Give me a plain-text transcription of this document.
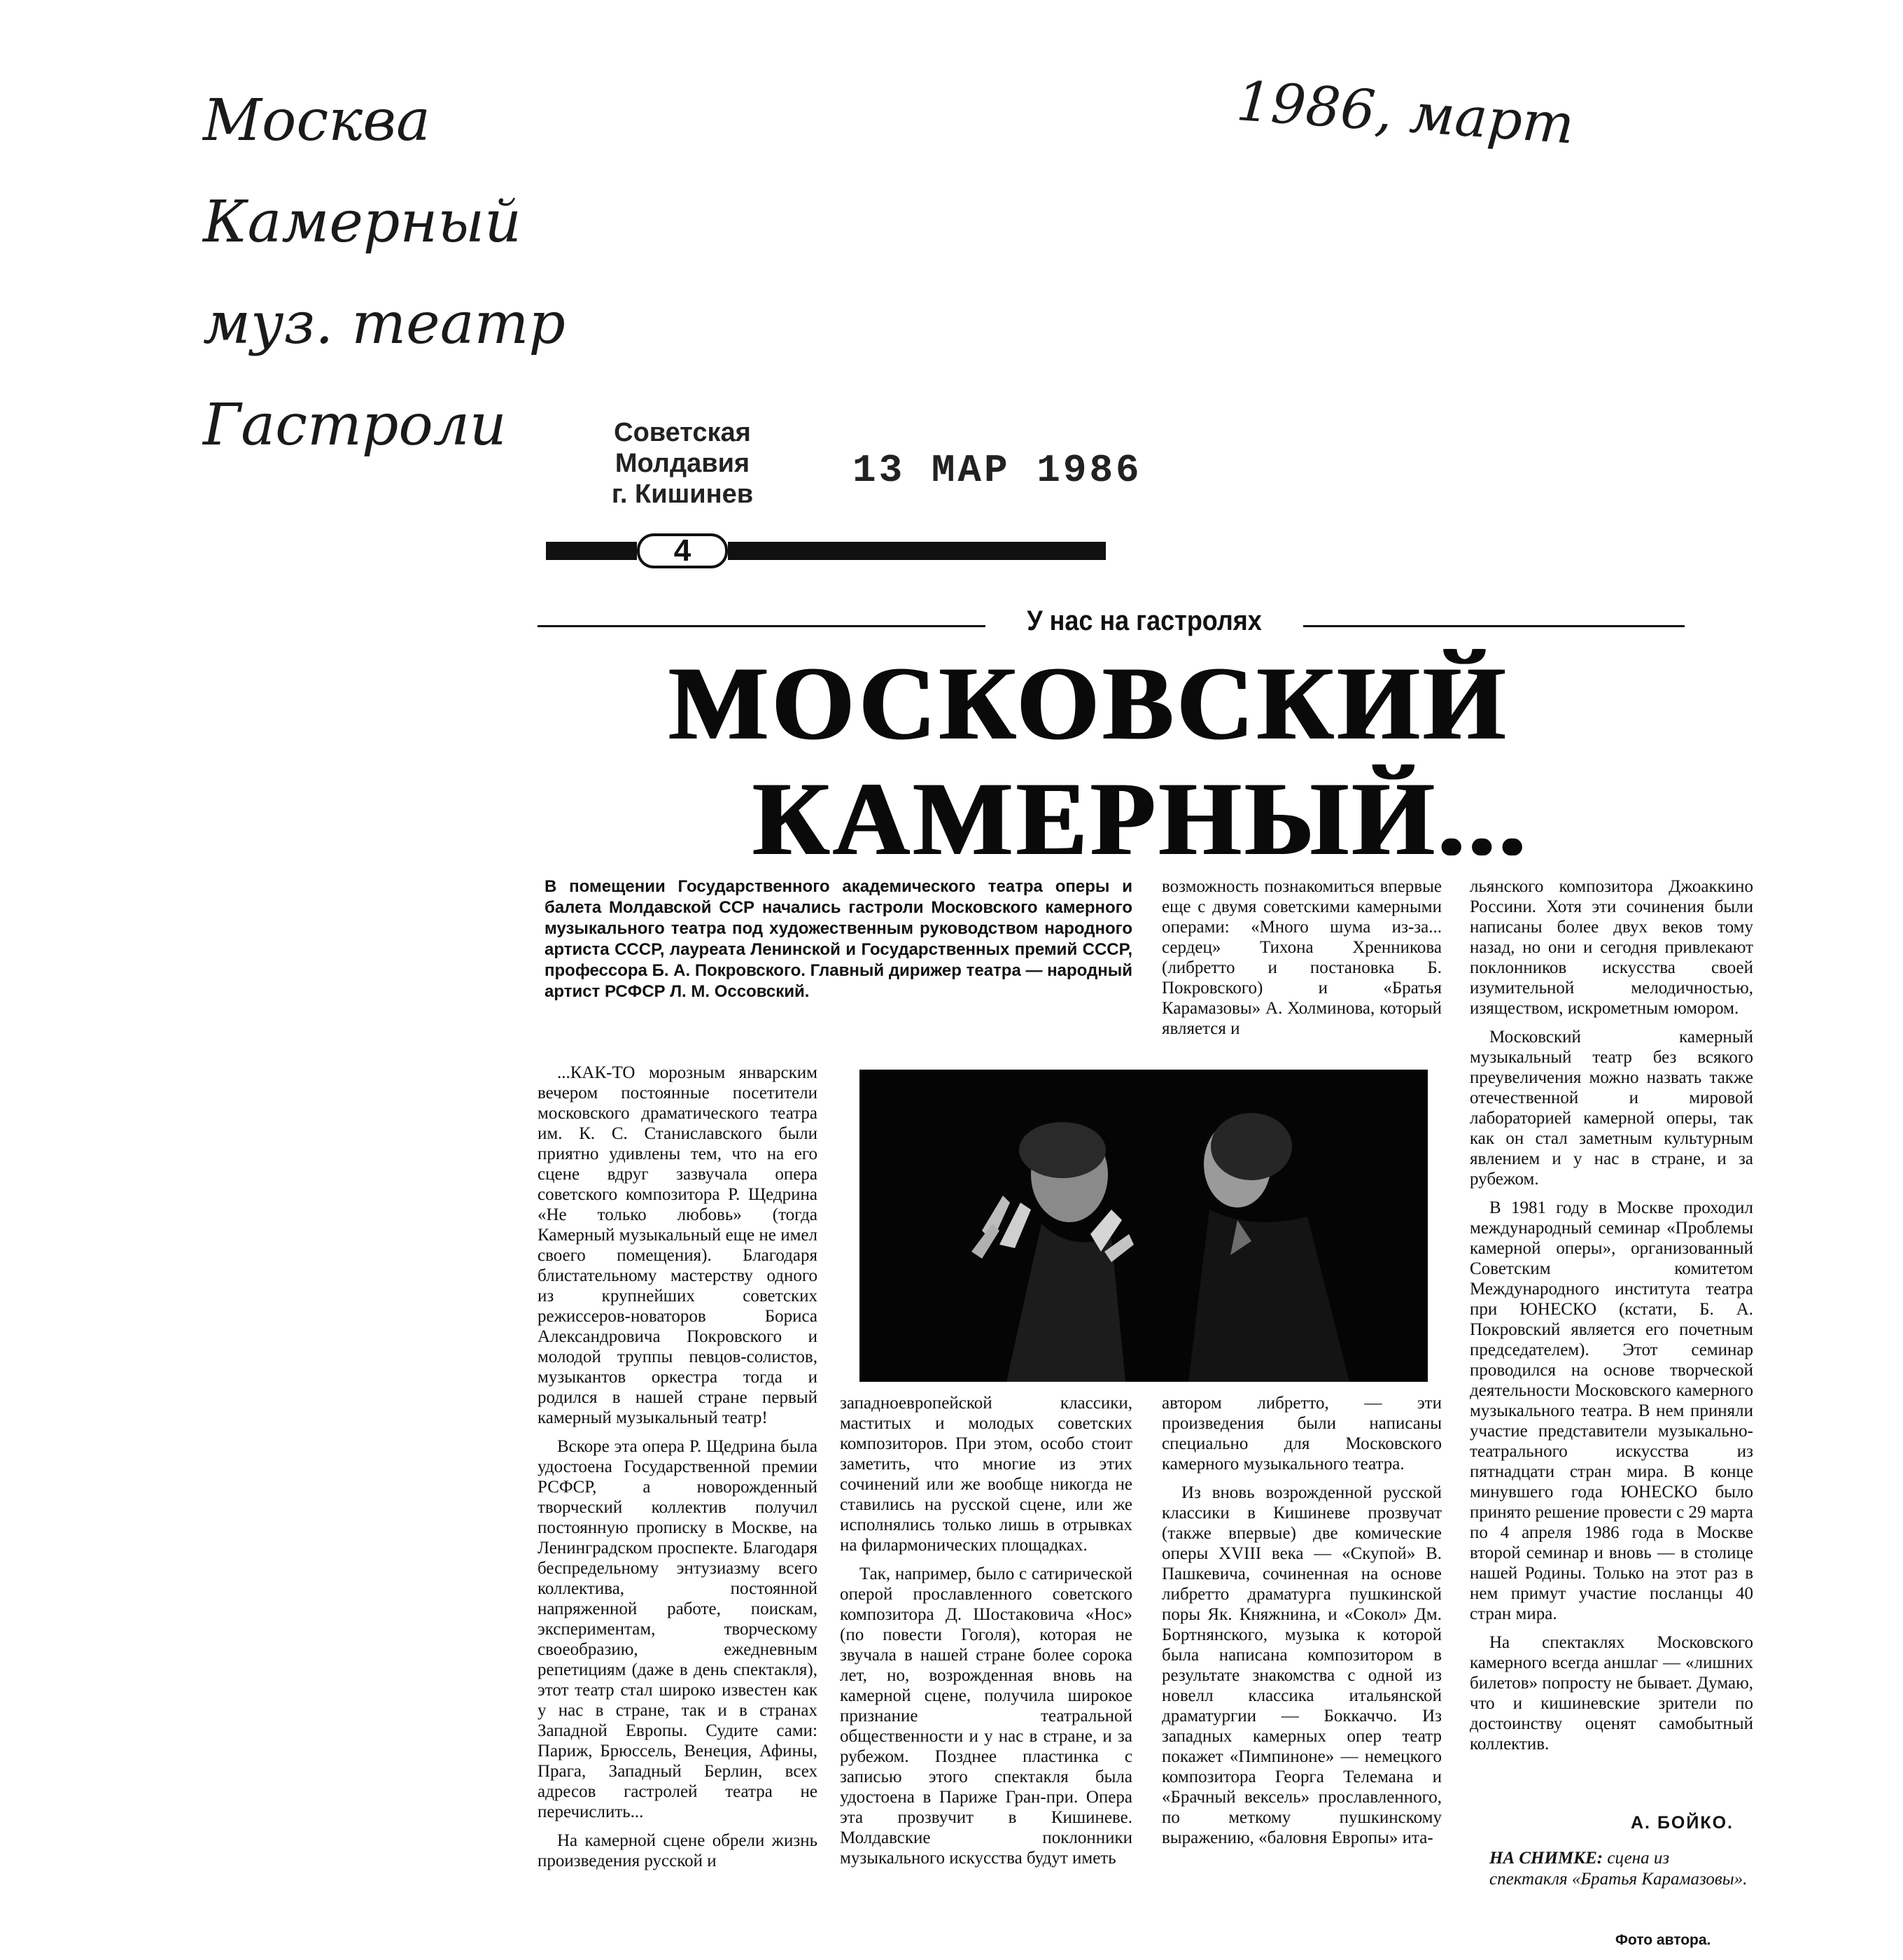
Москва
Камерный
муз. театр
Гастроли
1986, март
Советская Молдавия
г. Кишинев
13 МАР 1986
4
У нас на гастролях
МОСКОВСКИЙ
КАМЕРНЫЙ...
В помещении Государственного академического театра оперы и балета Молдавской ССР начались гастроли Московского камерного музыкального театра под художественным руководством народного артиста СССР, лауреата Ленинской и Государственных премий СССР, профессора Б. А. Покровского. Главный дирижер театра — народный артист РСФСР Л. М. Оссовский.

...КАК-ТО морозным январским вечером постоянные посетители московского драматического театра им. К. С. Станиславского были приятно удивлены тем, что на его сцене вдруг зазвучала опера советского композитора Р. Щедрина «Не только любовь» (тогда Камерный музыкальный еще не имел своего помещения). Благодаря блистательному мастерству одного из крупнейших советских режиссеров-новаторов Бориса Александровича Покровского и молодой труппы певцов-солистов, музыкантов оркестра тогда и родился в нашей стране первый камерный музыкальный театр!

Вскоре эта опера Р. Щедрина была удостоена Государственной премии РСФСР, а новорожденный творческий коллектив получил постоянную прописку в Москве, на Ленинградском проспекте. Благодаря беспредельному энтузиазму всего коллектива, постоянной напряженной работе, поискам, экспериментам, творческому своеобразию, ежедневным репетициям (даже в день спектакля), этот театр стал широко известен как у нас в стране, так и в странах Западной Европы. Судите сами: Париж, Брюссель, Венеция, Афины, Прага, Западный Берлин, всех адресов гастролей театра не перечислить...

На камерной сцене обрели жизнь произведения русской и

западноевропейской классики, маститых и молодых советских композиторов. При этом, особо стоит заметить, что многие из этих сочинений или же вообще никогда не ставились на русской сцене, или же исполнялись только лишь в отрывках на филармонических площадках.

Так, например, было с сатирической оперой прославленного советского композитора Д. Шостаковича «Нос» (по повести Гоголя), которая не звучала в нашей стране более сорока лет, но, возрожденная вновь на камерной сцене, получила широкое признание театральной общественности и у нас в стране, и за рубежом. Позднее пластинка с записью этого спектакля была удостоена в Париже Гран-при. Опера эта прозвучит в Кишиневе. Молдавские поклонники музыкального искусства будут иметь

возможность познакомиться впервые еще с двумя советскими камерными операми: «Много шума из-за... сердец» Тихона Хренникова (либретто и постановка Б. Покровского) и «Братья Карамазовы» А. Холминова, который является и

автором либретто, — эти произведения были написаны специально для Московского камерного музыкального театра.

Из вновь возрожденной русской классики в Кишиневе прозвучат (также впервые) две комические оперы XVIII века — «Скупой» В. Пашкевича, сочиненная на основе либретто драматурга пушкинской поры Як. Княжнина, и «Сокол» Дм. Бортнянского, музыка к которой была написана композитором в результате знакомства с одной из новелл классика итальянской драматургии — Боккаччо. Из западных камерных опер театр покажет «Пимпиноне» — немецкого композитора Георга Телемана и «Брачный вексель» прославленного, по меткому пушкинскому выражению, «баловня Европы» ита-

льянского композитора Джоаккино Россини. Хотя эти сочинения были написаны более двух веков тому назад, но они и сегодня привлекают поклонников искусства своей изумительной мелодичностью, изяществом, искрометным юмором.

Московский камерный музыкальный театр без всякого преувеличения можно назвать также отечественной и мировой лабораторией камерной оперы, так как он стал заметным культурным явлением и у нас в стране, и за рубежом.

В 1981 году в Москве проходил международный семинар «Проблемы камерной оперы», организованный Советским комитетом Международного института театра при ЮНЕСКО (кстати, Б. А. Покровский является его почетным председателем). Этот семинар проводился на основе творческой деятельности Московского камерного музыкального театра. В нем приняли участие представители музыкально-театрального искусства из пятнадцати стран мира. В конце минувшего года ЮНЕСКО было принято решение провести с 29 марта по 4 апреля 1986 года в Москве второй семинар и вновь — в столице нашей Родины. Только на этот раз в нем примут участие посланцы 40 стран мира.

На спектаклях Московского камерного всегда аншлаг — «лишних билетов» попросту не бывает. Думаю, что и кишиневские зрители по достоинству оценят самобытный коллектив.

А. БОЙКО.
НА СНИМКЕ: сцена из спектакля «Братья Карамазовы».
Фото автора.
